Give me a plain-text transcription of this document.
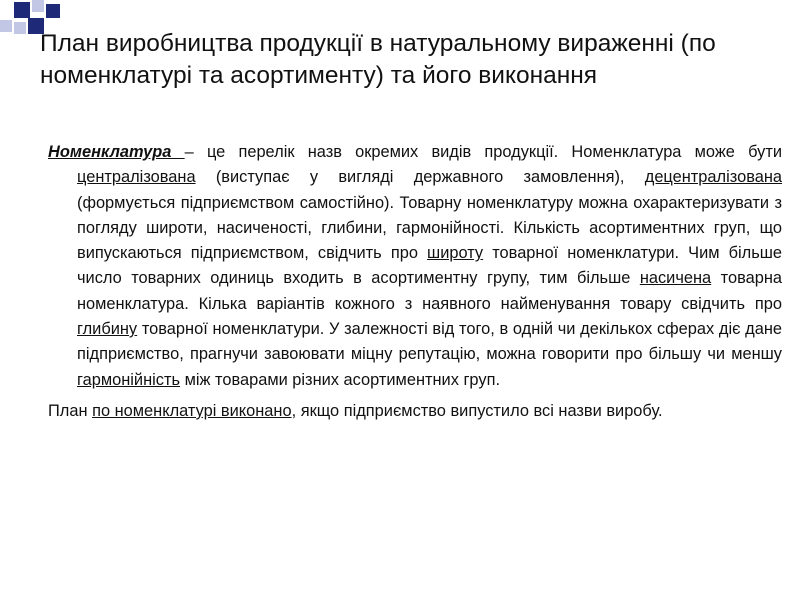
План виробництва продукції в натуральному вираженні (по номенклатурі та асортименту) та його виконання

Номенклатура – це перелік назв окремих видів продукції. Номенклатура може бути централізована (виступає у вигляді державного замовлення), децентралізована (формується підприємством самостійно). Товарну номенклатуру можна охарактеризувати з погляду широти, насиченості, глибини, гармонійності. Кількість асортиментних груп, що випускаються підприємством, свідчить про широту товарної номенклатури. Чим більше число товарних одиниць входить в асортиментну групу, тим більше насичена товарна номенклатура. Кілька варіантів кожного з наявного найменування товару свідчить про глибину товарної номенклатури. У залежності від того, в одній чи декількох сферах діє дане підприємство, прагнучи завоювати міцну репутацію, можна говорити про більшу чи меншу гармонійність між товарами різних асортиментних груп.

План по номенклатурі виконано, якщо підприємство випустило всі назви виробу.
